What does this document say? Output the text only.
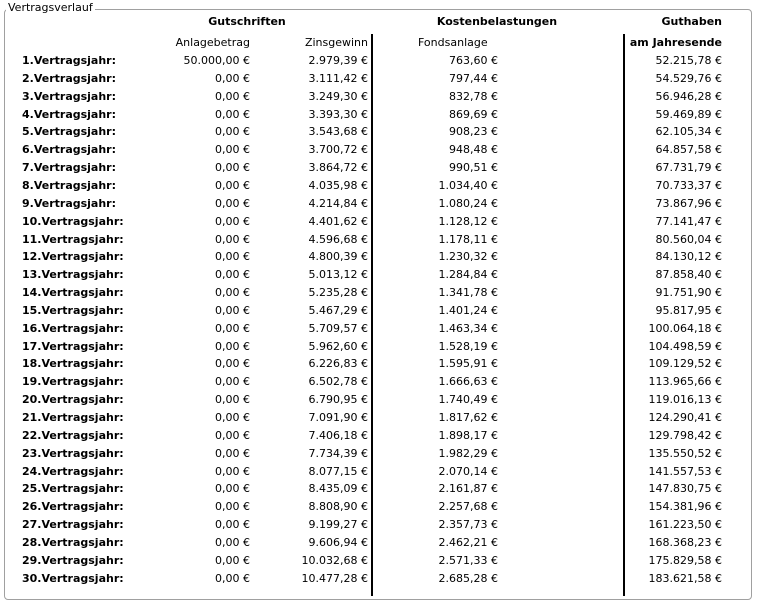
Vertragsverlauf
Gutschriften	Kostenbelastungen	Guthaben
Anlagebetrag	Zinsgewinn	Fondsanlage	am Jahresende
1.Vertragsjahr:	50.000,00 €	2.979,39 €	763,60 €	52.215,78 €
2.Vertragsjahr:	0,00 €	3.111,42 €	797,44 €	54.529,76 €
3.Vertragsjahr:	0,00 €	3.249,30 €	832,78 €	56.946,28 €
4.Vertragsjahr:	0,00 €	3.393,30 €	869,69 €	59.469,89 €
5.Vertragsjahr:	0,00 €	3.543,68 €	908,23 €	62.105,34 €
6.Vertragsjahr:	0,00 €	3.700,72 €	948,48 €	64.857,58 €
7.Vertragsjahr:	0,00 €	3.864,72 €	990,51 €	67.731,79 €
8.Vertragsjahr:	0,00 €	4.035,98 €	1.034,40 €	70.733,37 €
9.Vertragsjahr:	0,00 €	4.214,84 €	1.080,24 €	73.867,96 €
10.Vertragsjahr:	0,00 €	4.401,62 €	1.128,12 €	77.141,47 €
11.Vertragsjahr:	0,00 €	4.596,68 €	1.178,11 €	80.560,04 €
12.Vertragsjahr:	0,00 €	4.800,39 €	1.230,32 €	84.130,12 €
13.Vertragsjahr:	0,00 €	5.013,12 €	1.284,84 €	87.858,40 €
14.Vertragsjahr:	0,00 €	5.235,28 €	1.341,78 €	91.751,90 €
15.Vertragsjahr:	0,00 €	5.467,29 €	1.401,24 €	95.817,95 €
16.Vertragsjahr:	0,00 €	5.709,57 €	1.463,34 €	100.064,18 €
17.Vertragsjahr:	0,00 €	5.962,60 €	1.528,19 €	104.498,59 €
18.Vertragsjahr:	0,00 €	6.226,83 €	1.595,91 €	109.129,52 €
19.Vertragsjahr:	0,00 €	6.502,78 €	1.666,63 €	113.965,66 €
20.Vertragsjahr:	0,00 €	6.790,95 €	1.740,49 €	119.016,13 €
21.Vertragsjahr:	0,00 €	7.091,90 €	1.817,62 €	124.290,41 €
22.Vertragsjahr:	0,00 €	7.406,18 €	1.898,17 €	129.798,42 €
23.Vertragsjahr:	0,00 €	7.734,39 €	1.982,29 €	135.550,52 €
24.Vertragsjahr:	0,00 €	8.077,15 €	2.070,14 €	141.557,53 €
25.Vertragsjahr:	0,00 €	8.435,09 €	2.161,87 €	147.830,75 €
26.Vertragsjahr:	0,00 €	8.808,90 €	2.257,68 €	154.381,96 €
27.Vertragsjahr:	0,00 €	9.199,27 €	2.357,73 €	161.223,50 €
28.Vertragsjahr:	0,00 €	9.606,94 €	2.462,21 €	168.368,23 €
29.Vertragsjahr:	0,00 €	10.032,68 €	2.571,33 €	175.829,58 €
30.Vertragsjahr:	0,00 €	10.477,28 €	2.685,28 €	183.621,58 €
